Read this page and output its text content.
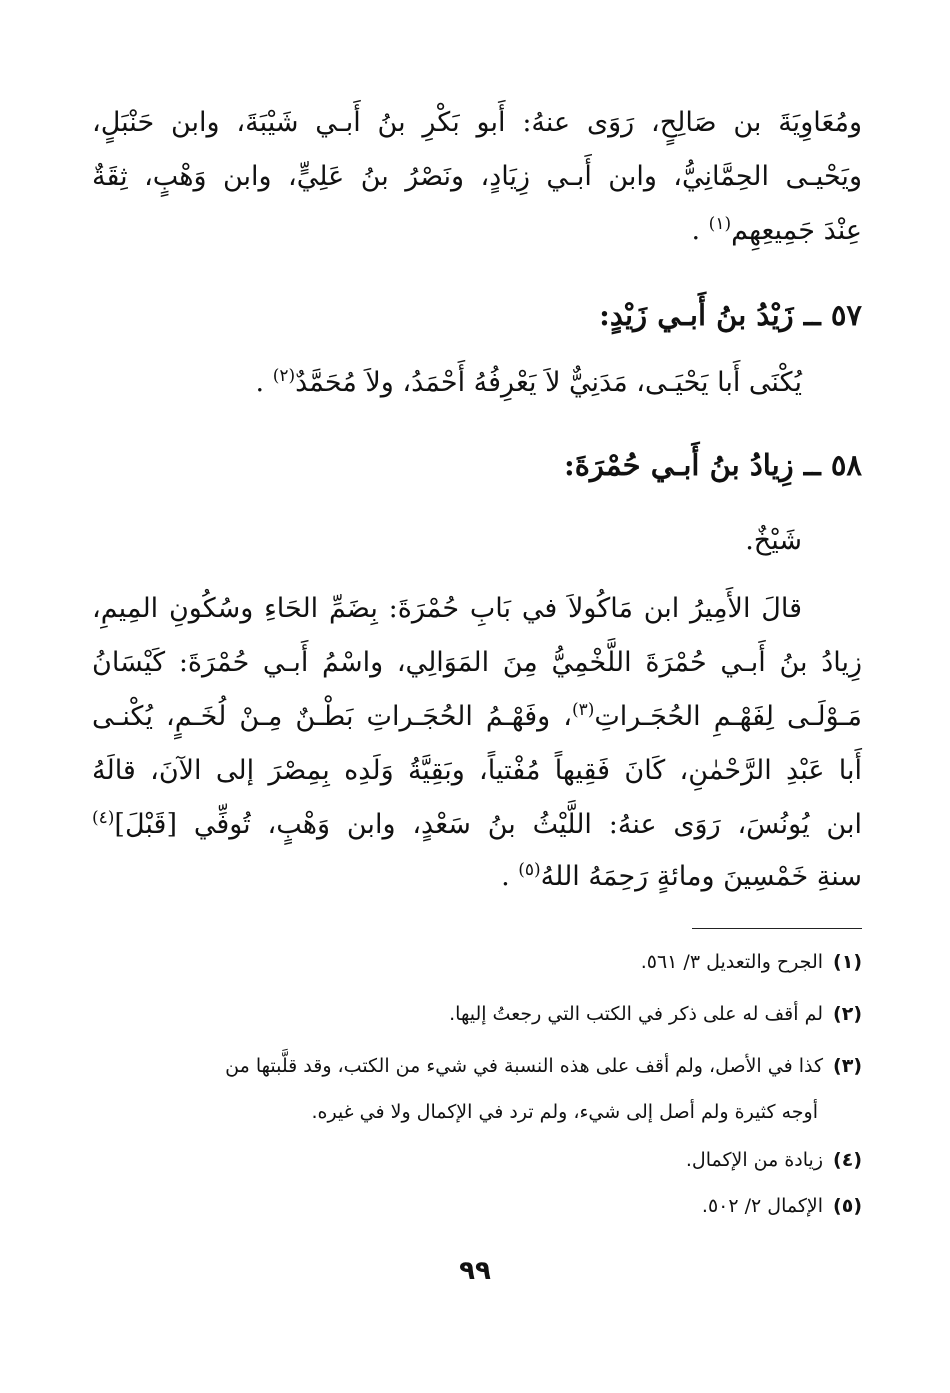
ومُعَاوِيَةَ بن صَالِحٍ، رَوَى عنهُ: أَبو بَكْرِ بنُ أَبـي شَيْبَةَ، وابن حَنْبَلٍ،
ويَحْيـى الحِمَّانِيُّ، وابن أَبـي زِيَادٍ، ونَصْرُ بنُ عَلِيٍّ، وابن وَهْبٍ، ثِقَةٌ
عِنْدَ جَمِيعِهِم$^{(١)}$ .
٥٧ ــ زَيْدُ بنُ أَبـي زَيْدٍ:
يُكْنَى أَبا يَحْيَـى، مَدَنِيٌّ لاَ يَعْرِفُهُ أَحْمَدُ، ولاَ مُحَمَّدٌ$^{(٢)}$ .
٥٨ ــ زِيادُ بنُ أَبـي حُمْرَةَ:
شَيْخٌ.
قالَ الأَمِيرُ ابن مَاكُولاَ في بَابِ حُمْرَةَ: بِضَمِّ الحَاءِ وسُكُونِ المِيمِ،
زِيادُ بنُ أَبـي حُمْرَةَ اللَّخْمِيُّ مِنَ المَوَالِي، واسْمُ أَبـي حُمْرَةَ: كَيْسَانُ
مَـوْلَـى لِفَهْـمِ الحُجَـراتِ$^{(٣)}$، وفَهْـمُ الحُجَـراتِ بَطْـنٌ مِـنْ لُخَـمٍ، يُكْنـى
أَبا عَبْدِ الرَّحْمٰنِ، كَانَ فَقِيهاً مُفْتياً، وبَقِيَّةُ وَلَدِه بِمِصْرَ إلى الآنَ، قالَهُ
ابن يُونُسَ، رَوَى عنهُ: اللَّيْثُ بنُ سَعْدٍ، وابن وَهْبٍ، تُوفِّي [قَبْلَ]$^{(٤)}$
سنةِ خَمْسِينَ ومائةٍ رَحِمَهُ اللهُ$^{(٥)}$ .
(١)الجرح والتعديل ٣/ ٥٦١.
(٢)لم أقف له على ذكر في الكتب التي رجعتُ إليها.
(٣)كذا في الأصل، ولم أقف على هذه النسبة في شيء من الكتب، وقد قلَّبتها من
أوجه كثيرة ولم أصل إلى شيء، ولم ترد في الإكمال ولا في غيره.
(٤)زيادة من الإكمال.
(٥)الإكمال ٢/ ٥٠٢.
٩٩
